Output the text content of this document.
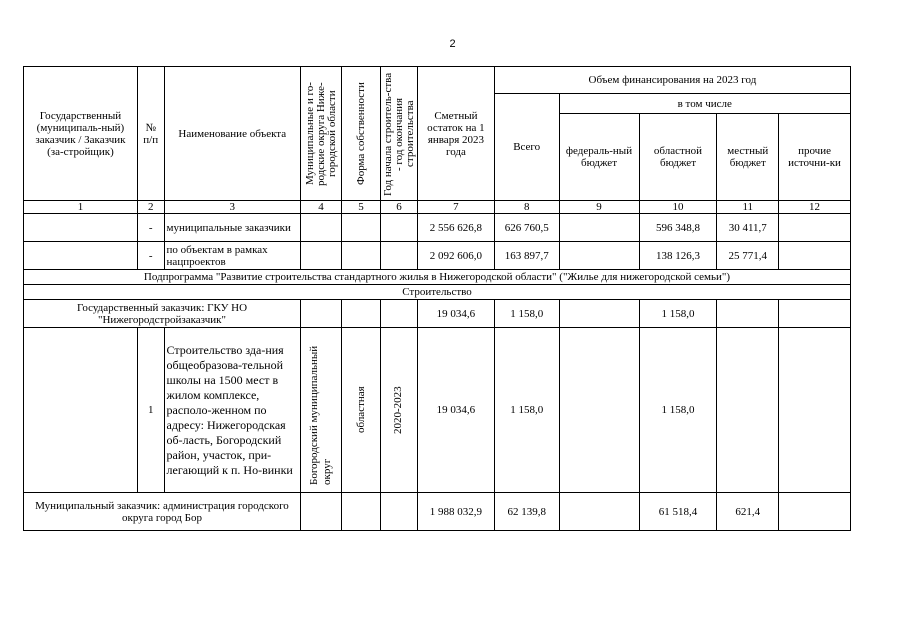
2
Государственный (муниципаль-ный) заказчик / Заказчик (за-стройщик)	№ п/п	Наименование объекта	Муниципальные и го-родские округа Ниже-городской области	Форма собственности	Год начала строитель-ства - год окончания строительства	Сметный остаток на 1 января 2023 года	Объем финансирования на 2023 год				
							Всего	в том числе			
								федераль-ный бюджет	областной бюджет	местный бюджет	прочие источни-ки
1	2	3	4	5	6	7	8	9	10	11	12
	-	муниципальные заказчики				2 556 626,8	626 760,5		596 348,8	30 411,7	
	-	по объектам в рамках нацпроектов				2 092 606,0	163 897,7		138 126,3	25 771,4	
Подпрограмма "Развитие строительства стандартного жилья в Нижегородской области" ("Жилье для нижегородской семьи")											
Строительство											
Государственный заказчик: ГКУ НО "Нижегородстройзаказчик"						19 034,6	1 158,0		1 158,0		
	1	Строительство зда-ния общеобразова-тельной школы на 1500 мест в жилом комплексе, располо-женном по адресу: Нижегородская об-ласть, Богородский район, участок, при-легающий к п. Но-винки	Богородский муниципальный округ	областная	2020-2023	19 034,6	1 158,0		1 158,0		
Муниципальный заказчик: администрация городского округа город Бор						1 988 032,9	62 139,8		61 518,4	621,4	
